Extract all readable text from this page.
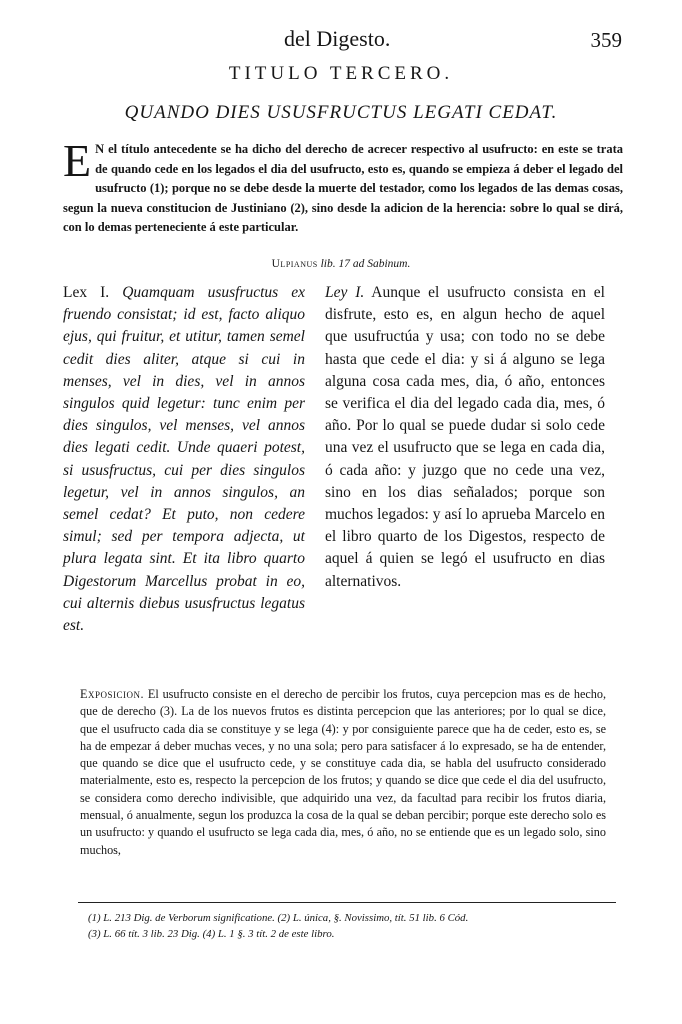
del Digesto.	359
TITULO TERCERO.
QUANDO DIES USUSFRUCTUS LEGATI CEDAT.
E N el título antecedente se ha dicho del derecho de acrecer respectivo al usufructo: en este se trata de quando cede en los legados el dia del usufructo, esto es, quando se empieza á deber el legado del usufructo (1); porque no se debe desde la muerte del testador, como los legados de las demas cosas, segun la nueva constitucion de Justiniano (2), sino desde la adicion de la herencia: sobre lo qual se dirá, con lo demas perteneciente á este particular.
Ulpianus lib. 17 ad Sabinum.
Lex I. Quamquam ususfructus ex fruendo consistat; id est, facto aliquo ejus, qui fruitur, et utitur, tamen semel cedit dies aliter, atque si cui in menses, vel in dies, vel in annos singulos quid legetur: tunc enim per dies singulos, vel menses, vel annos dies legati cedit. Unde quaeri potest, si ususfructus, cui per dies singulos legetur, vel in annos singulos, an semel cedat? Et puto, non cedere simul; sed per tempora adjecta, ut plura legata sint. Et ita libro quarto Digestorum Marcellus probat in eo, cui alternis diebus ususfructus legatus est.
Ley I. Aunque el usufructo consista en el disfrute, esto es, en algun hecho de aquel que usufructúa y usa; con todo no se debe hasta que cede el dia: y si á alguno se lega alguna cosa cada mes, dia, ó año, entonces se verifica el dia del legado cada dia, mes, ó año. Por lo qual se puede dudar si solo cede una vez el usufructo que se lega en cada dia, ó cada año: y juzgo que no cede una vez, sino en los dias señalados; porque son muchos legados: y así lo aprueba Marcelo en el libro quarto de los Digestos, respecto de aquel á quien se legó el usufructo en dias alternativos.
Exposicion. El usufructo consiste en el derecho de percibir los frutos, cuya percepcion mas es de hecho, que de derecho (3). La de los nuevos frutos es distinta percepcion que las anteriores; por lo qual se dice, que el usufructo cada dia se constituye y se lega (4): y por consiguiente parece que ha de ceder, esto es, se ha de empezar á deber muchas veces, y no una sola; pero para satisfacer á lo expresado, se ha de entender, que quando se dice que el usufructo cede, y se constituye cada dia, se habla del usufructo considerado materialmente, esto es, respecto la percepcion de los frutos; y quando se dice que cede el dia del usufructo, se considera como derecho indivisible, que adquirido una vez, da facultad para recibir los frutos diaria, mensual, ó anualmente, segun los produzca la cosa de la qual se deban percibir; porque este derecho solo es un usufructo: y quando el usufructo se lega cada dia, mes, ó año, no se entiende que es un legado solo, sino muchos,
(1) L. 213 Dig. de Verborum significatione. (2) L. única, §. Novissimo, tít. 51 lib. 6 Cód.
(3) L. 66 tít. 3 lib. 23 Dig. (4) L. 1 §. 3 tít. 2 de este libro.
